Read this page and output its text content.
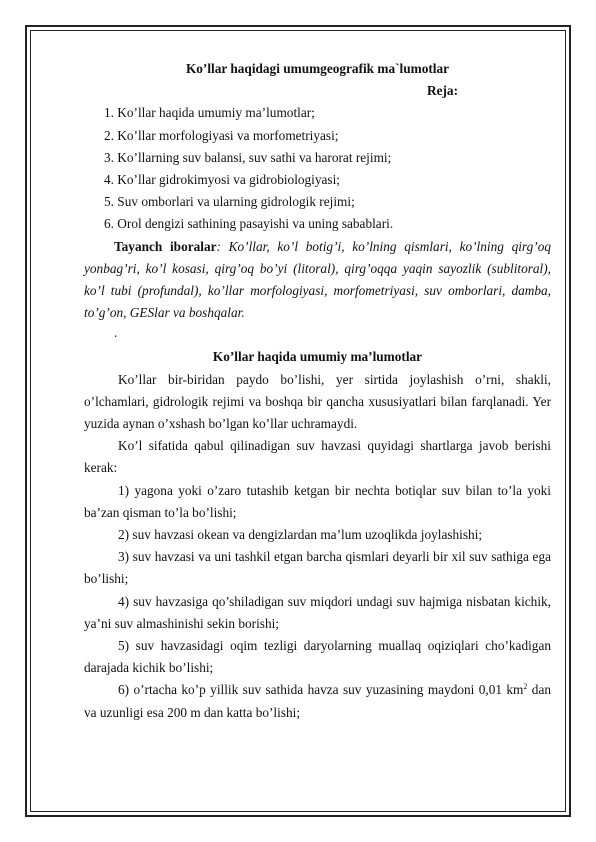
Ko’llar haqidagi umumgeografik ma`lumotlar

Reja:

1. Ko’llar haqida umumiy ma’lumotlar;

2. Ko’llar morfologiyasi va morfometriyasi;

3. Ko’llarning suv balansi, suv sathi va harorat rejimi;

4. Ko’llar gidrokimyosi va gidrobiologiyasi;

5. Suv omborlari va ularning gidrologik rejimi;

6. Orol dengizi sathining pasayishi va uning sabablari.

Tayanch iboralar: Ko’llar, ko’l botig’i, ko’lning qismlari, ko’lning qirg’oq yonbag’ri, ko’l kosasi, qirg’oq bo’yi (litoral), qirg’oqqa yaqin sayozlik (sublitoral), ko’l tubi (profundal), ko’llar morfologiyasi, morfometriyasi, suv omborlari, damba, to’g’on, GESlar va boshqalar.

.

Ko’llar haqida umumiy ma’lumotlar

Ko’llar bir-biridan paydo bo’lishi, yer sirtida joylashish o’rni, shakli, o’lchamlari, gidrologik rejimi va boshqa bir qancha xususiyatlari bilan farqlanadi. Yer yuzida aynan o’xshash bo’lgan ko’llar uchramaydi.

Ko’l sifatida qabul qilinadigan suv havzasi quyidagi shartlarga javob berishi kerak:

1) yagona yoki o’zaro tutashib ketgan bir nechta botiqlar suv bilan to’la yoki ba’zan qisman to’la bo’lishi;

2) suv havzasi okean va dengizlardan ma’lum uzoqlikda joylashishi;

3) suv havzasi va uni tashkil etgan barcha qismlari deyarli bir xil suv sathiga ega bo’lishi;

4) suv havzasiga qo’shiladigan suv miqdori undagi suv hajmiga nisbatan kichik, ya’ni suv almashinishi sekin borishi;

5) suv havzasidagi oqim tezligi daryolarning muallaq oqiziqlari cho’kadigan darajada kichik bo’lishi;

6) o’rtacha ko’p yillik suv sathida havza suv yuzasining maydoni 0,01 $km^2$ dan va uzunligi esa 200 m dan katta bo’lishi;
